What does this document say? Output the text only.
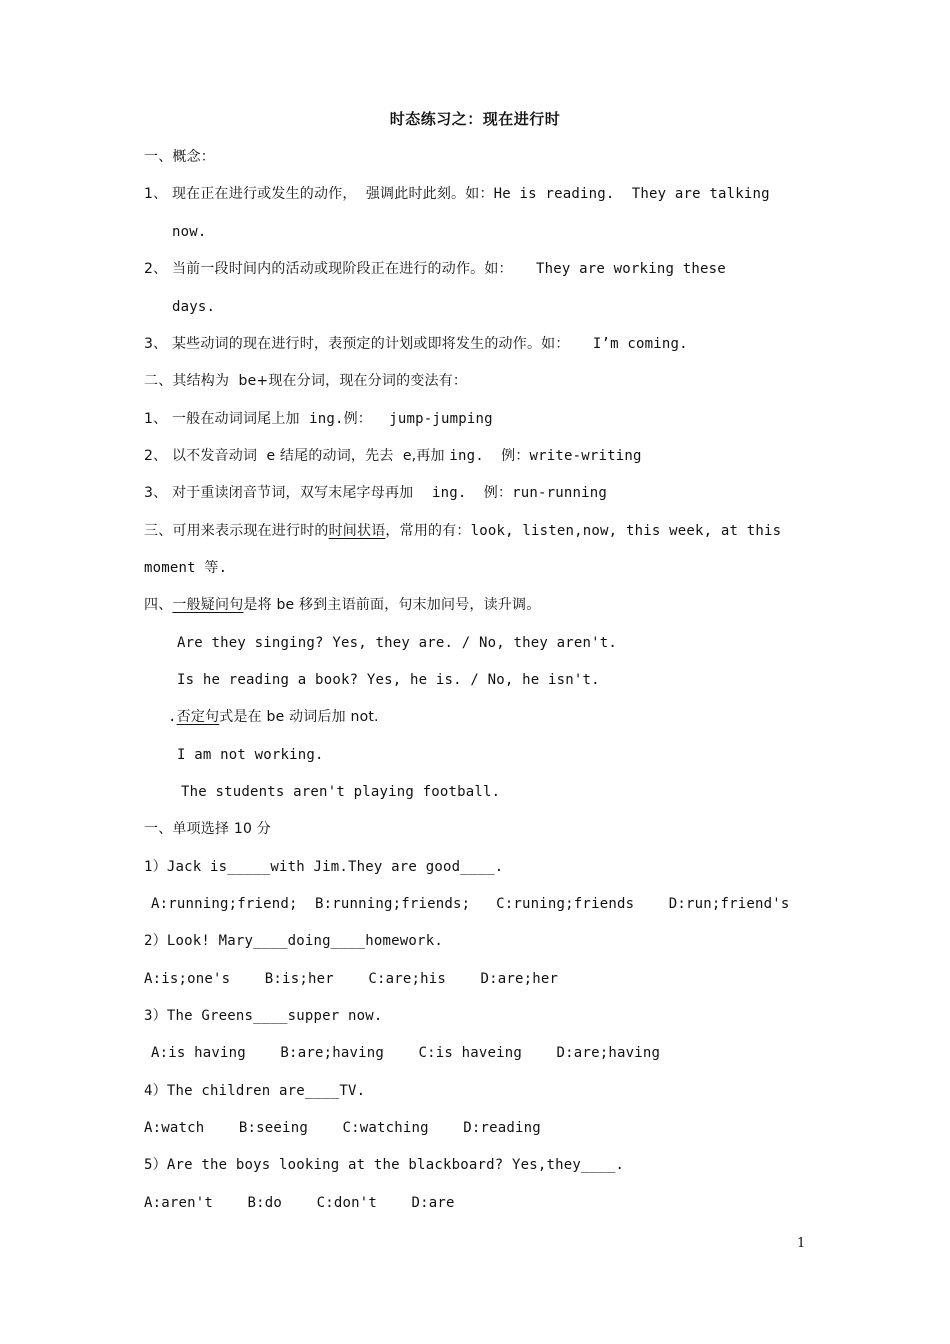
时态练习之：现在进行时
一、概念：
1、 现在正在进行或发生的动作，  强调此时此刻。如：He is reading.  They are talking
now.
2、 当前一段时间内的活动或现阶段正在进行的动作。如：     They are working these
days.
3、 某些动词的现在进行时，表预定的计划或即将发生的动作。如：     I’m coming.
二、其结构为  be+现在分词，现在分词的变法有：
1、 一般在动词词尾上加  ing.例：  jump-jumping
2、 以不发音动词  e 结尾的动词，先去  e,再加 ing.  例：write-writing
3、 对于重读闭音节词，双写末尾字母再加    ing.  例：run-running
三、可用来表示现在进行时的时间状语，常用的有：look, listen,now, this week, at this
moment 等.
四、一般疑问句是将 be 移到主语前面，句末加问号，读升调。
Are they singing? Yes, they are. / No, they aren't.
Is he reading a book? Yes, he is. / No, he isn't.
.否定句式是在 be 动词后加 not.
I am not working.
The students aren't playing football.
一、单项选择 10 分
1）Jack is_____with Jim.They are good____.
A:running;friend;  B:running;friends;   C:runing;friends    D:run;friend's
2）Look! Mary____doing____homework.
A:is;one's    B:is;her    C:are;his    D:are;her
3）The Greens____supper now.
A:is having    B:are;having    C:is haveing    D:are;having
4）The children are____TV.
A:watch    B:seeing    C:watching    D:reading
5）Are the boys looking at the blackboard? Yes,they____.
A:aren't    B:do    C:don't    D:are
1
